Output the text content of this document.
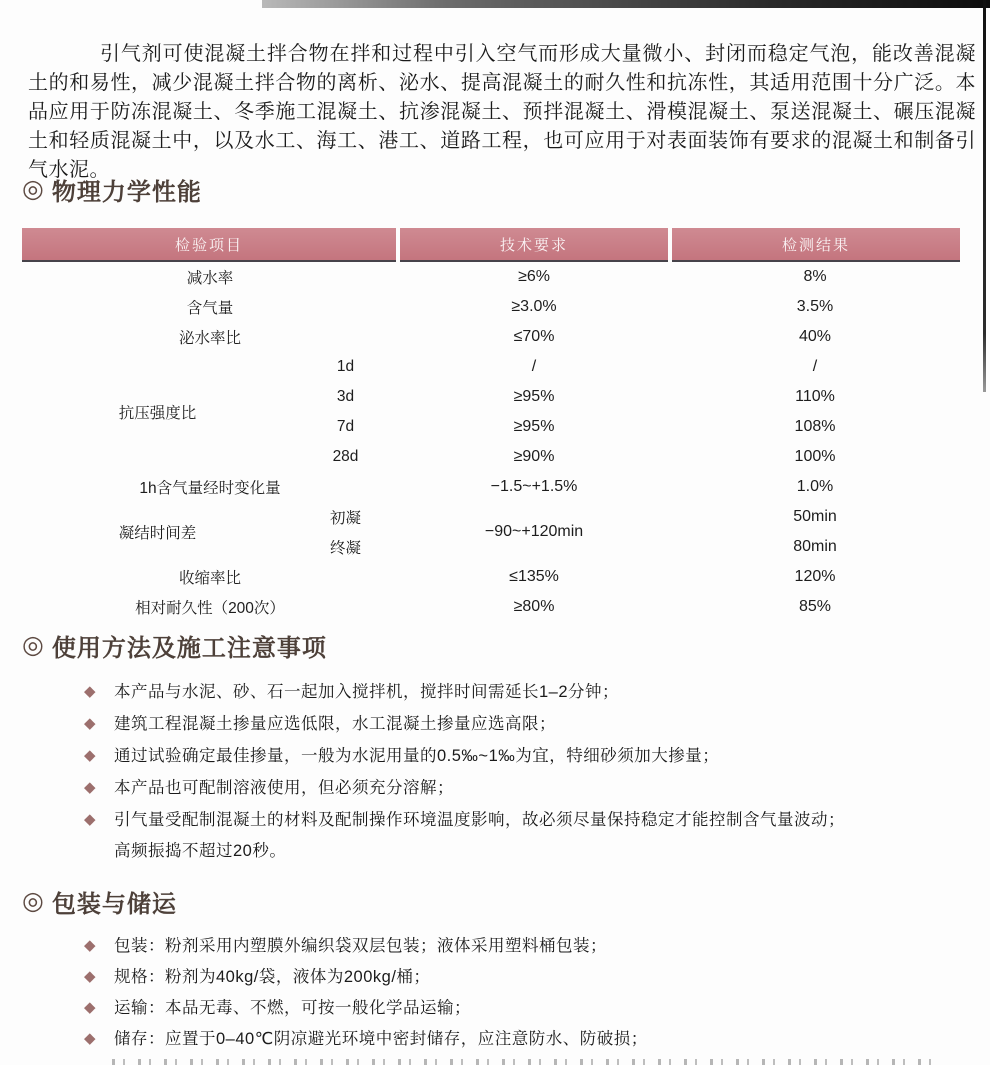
引气剂可使混凝土拌合物在拌和过程中引入空气而形成大量微小、封闭而稳定气泡，能改善混凝土的和易性，减少混凝土拌合物的离析、泌水、提高混凝土的耐久性和抗冻性，其适用范围十分广泛。本品应用于防冻混凝土、冬季施工混凝土、抗渗混凝土、预拌混凝土、滑模混凝土、泵送混凝土、碾压混凝土和轻质混凝土中，以及水工、海工、港工、道路工程，也可应用于对表面装饰有要求的混凝土和制备引气水泥。

◎ 物理力学性能
检验项目		技术要求	检测结果
减水率		≥6%	8%
含气量		≥3.0%	3.5%
泌水率比		≤70%	40%
抗压强度比	1d	/	/
	3d	≥95%	110%
	7d	≥95%	108%
	28d	≥90%	100%
1h含气量经时变化量		−1.5~+1.5%	1.0%
凝结时间差	初凝	−90~+120min	50min
	终凝		80min
收缩率比		≤135%	120%
相对耐久性（200次）		≥80%	85%
◎ 使用方法及施工注意事项
◆	本产品与水泥、砂、石一起加入搅拌机，搅拌时间需延长1–2分钟；
◆	建筑工程混凝土掺量应选低限，水工混凝土掺量应选高限；
◆	通过试验确定最佳掺量，一般为水泥用量的0.5‰~1‰为宜，特细砂须加大掺量；
◆	本产品也可配制溶液使用，但必须充分溶解；
◆	引气量受配制混凝土的材料及配制操作环境温度影响，故必须尽量保持稳定才能控制含气量波动；
高频振捣不超过20秒。
◎ 包装与储运
◆	包装：粉剂采用内塑膜外编织袋双层包装；液体采用塑料桶包装；
◆	规格：粉剂为40kg/袋，液体为200kg/桶；
◆	运输：本品无毒、不燃，可按一般化学品运输；
◆	储存：应置于0–40℃阴凉避光环境中密封储存，应注意防水、防破损；
